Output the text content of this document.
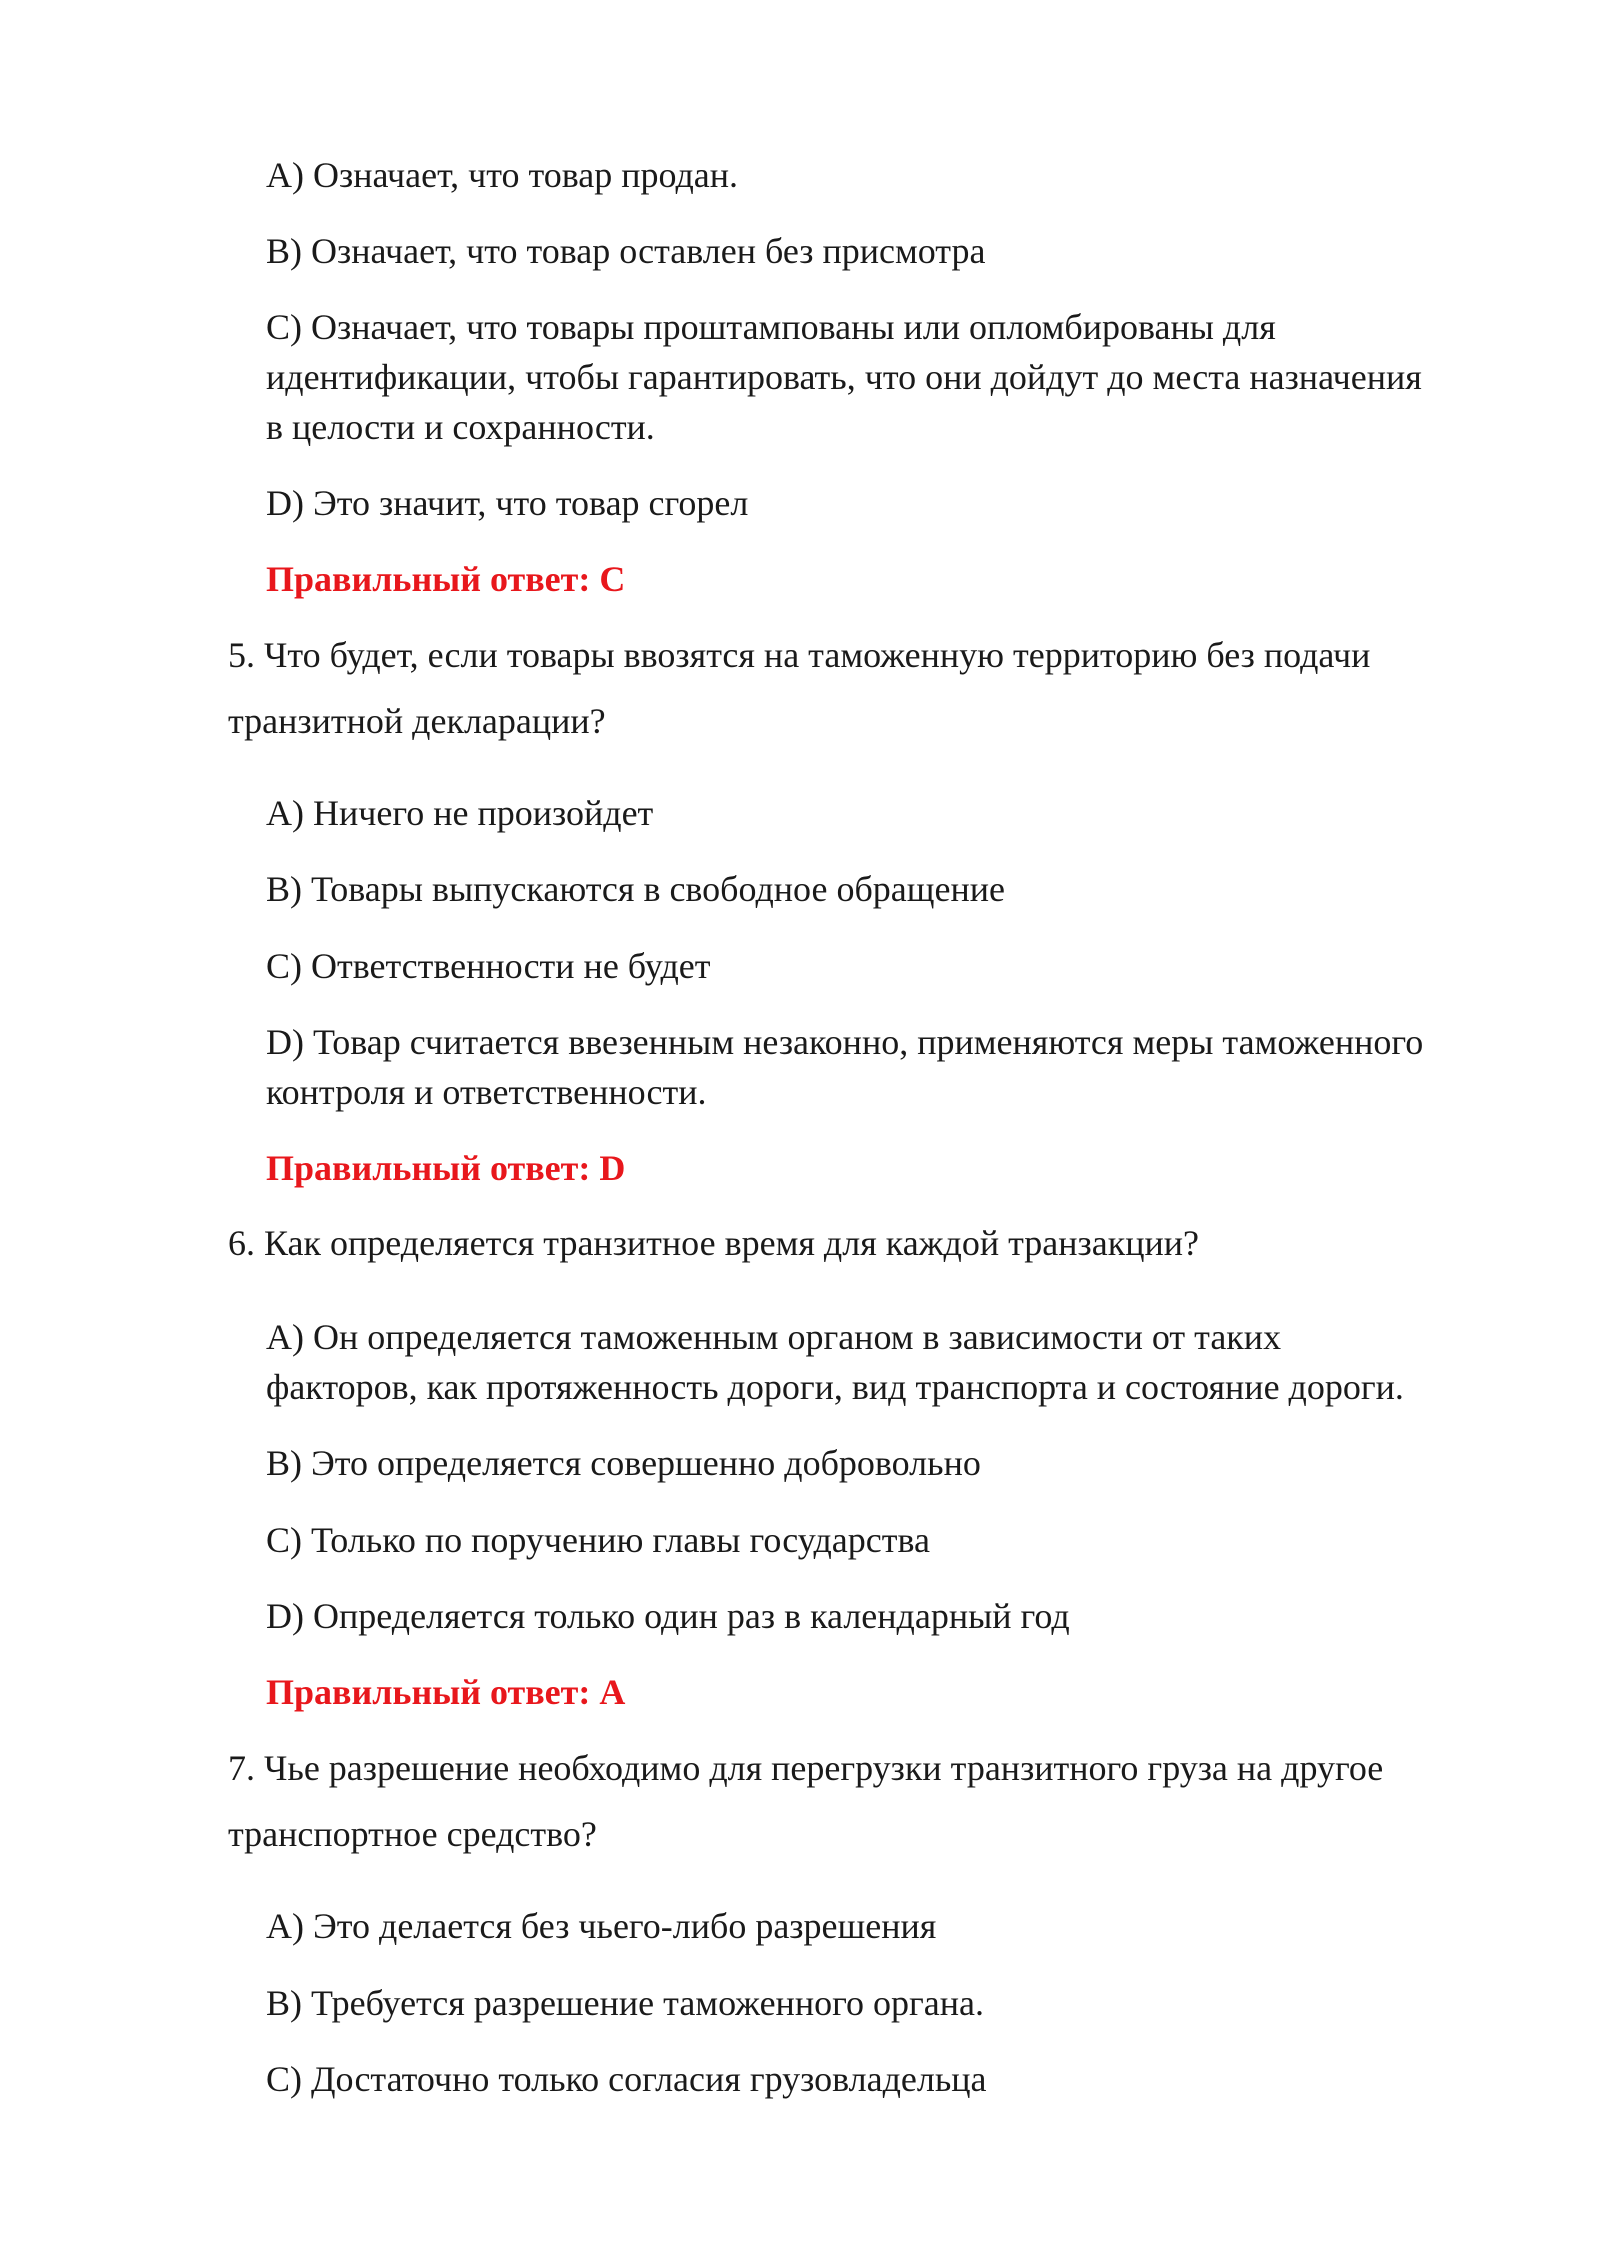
A) Означает, что товар продан.
B) Означает, что товар оставлен без присмотра
C) Означает, что товары проштампованы или опломбированы для
идентификации, чтобы гарантировать, что они дойдут до места назначения
в целости и сохранности.
D) Это значит, что товар сгорел
Правильный ответ: C
5. Что будет, если товары ввозятся на таможенную территорию без подачи
транзитной декларации?
A) Ничего не произойдет
B) Товары выпускаются в свободное обращение
C) Ответственности не будет
D) Товар считается ввезенным незаконно, применяются меры таможенного
контроля и ответственности.
Правильный ответ: D
6. Как определяется транзитное время для каждой транзакции?
A) Он определяется таможенным органом в зависимости от таких
факторов, как протяженность дороги, вид транспорта и состояние дороги.
B) Это определяется совершенно добровольно
C) Только по поручению главы государства
D) Определяется только один раз в календарный год
Правильный ответ: A
7. Чье разрешение необходимо для перегрузки транзитного груза на другое
транспортное средство?
A) Это делается без чьего-либо разрешения
B) Требуется разрешение таможенного органа.
C) Достаточно только согласия грузовладельца
